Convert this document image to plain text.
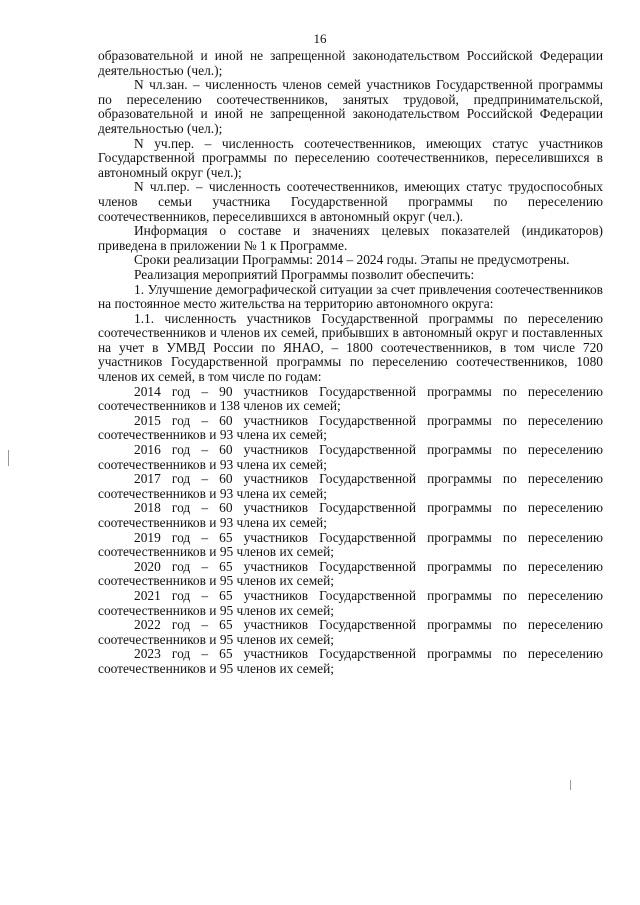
16

образовательной и иной не запрещенной законодательством Российской Федерации деятельностью (чел.);

N чл.зан. – численность членов семей участников Государственной программы по переселению соотечественников, занятых трудовой, предпринимательской, образовательной и иной не запрещенной законодательством Российской Федерации деятельностью (чел.);

N уч.пер. – численность соотечественников, имеющих статус участников Государственной программы по переселению соотечественников, переселившихся в автономный округ (чел.);

N чл.пер. – численность соотечественников, имеющих статус трудоспособных членов семьи участника Государственной программы по переселению соотечественников, переселившихся в автономный округ (чел.).

Информация о составе и значениях целевых показателей (индикаторов) приведена в приложении № 1 к Программе.

Сроки реализации Программы: 2014 – 2024 годы. Этапы не предусмотрены.

Реализация мероприятий Программы позволит обеспечить:

1. Улучшение демографической ситуации за счет привлечения соотечественников на постоянное место жительства на территорию автономного округа:

1.1. численность участников Государственной программы по переселению соотечественников и членов их семей, прибывших в автономный округ и поставленных на учет в УМВД России по ЯНАО, – 1800 соотечественников, в том числе 720 участников Государственной программы по переселению соотечественников, 1080 членов их семей, в том числе по годам:

2014 год – 90 участников Государственной программы по переселению соотечественников и 138 членов их семей;

2015 год – 60 участников Государственной программы по переселению соотечественников и 93 члена их семей;

2016 год – 60 участников Государственной программы по переселению соотечественников и 93 члена их семей;

2017 год – 60 участников Государственной программы по переселению соотечественников и 93 члена их семей;

2018 год – 60 участников Государственной программы по переселению соотечественников и 93 члена их семей;

2019 год – 65 участников Государственной программы по переселению соотечественников и 95 членов их семей;

2020 год – 65 участников Государственной программы по переселению соотечественников и 95 членов их семей;

2021 год – 65 участников Государственной программы по переселению соотечественников и 95 членов их семей;

2022 год – 65 участников Государственной программы по переселению соотечественников и 95 членов их семей;

2023 год – 65 участников Государственной программы по переселению соотечественников и 95 членов их семей;
